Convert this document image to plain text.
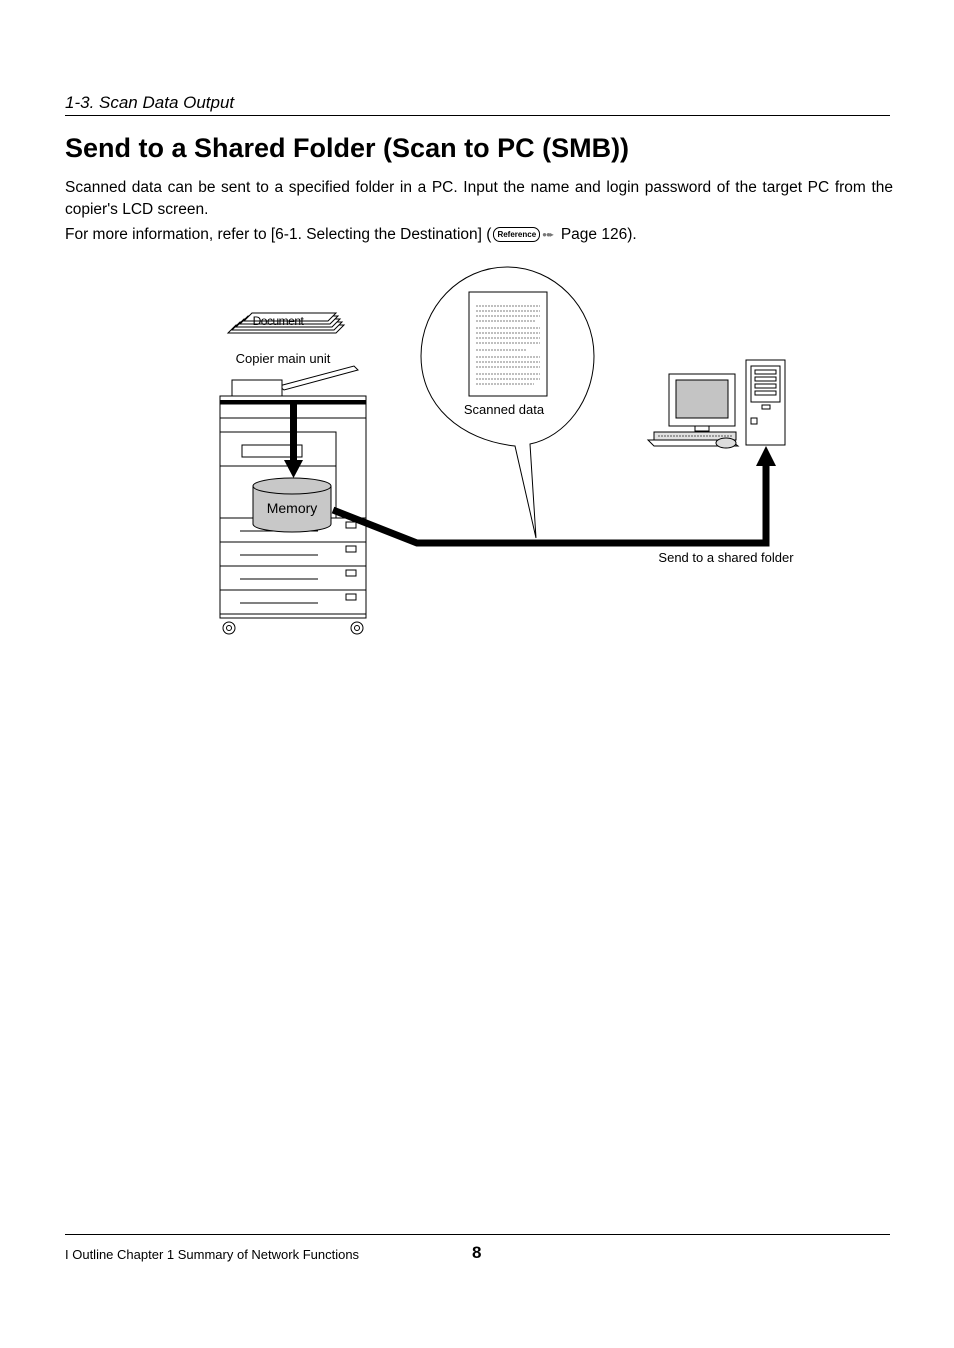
1-3. Scan Data Output
Send to a Shared Folder (Scan to PC (SMB))
Scanned data can be sent to a specified folder in a PC. Input the name and login password of the target PC from the copier's LCD screen.
For more information, refer to [6-1. Selecting the Destination] ( Reference ●●▸ Page 126).
Document
Copier main unit
Memory
Scanned data
Send to a shared folder
I Outline Chapter 1 Summary of Network Functions	8
